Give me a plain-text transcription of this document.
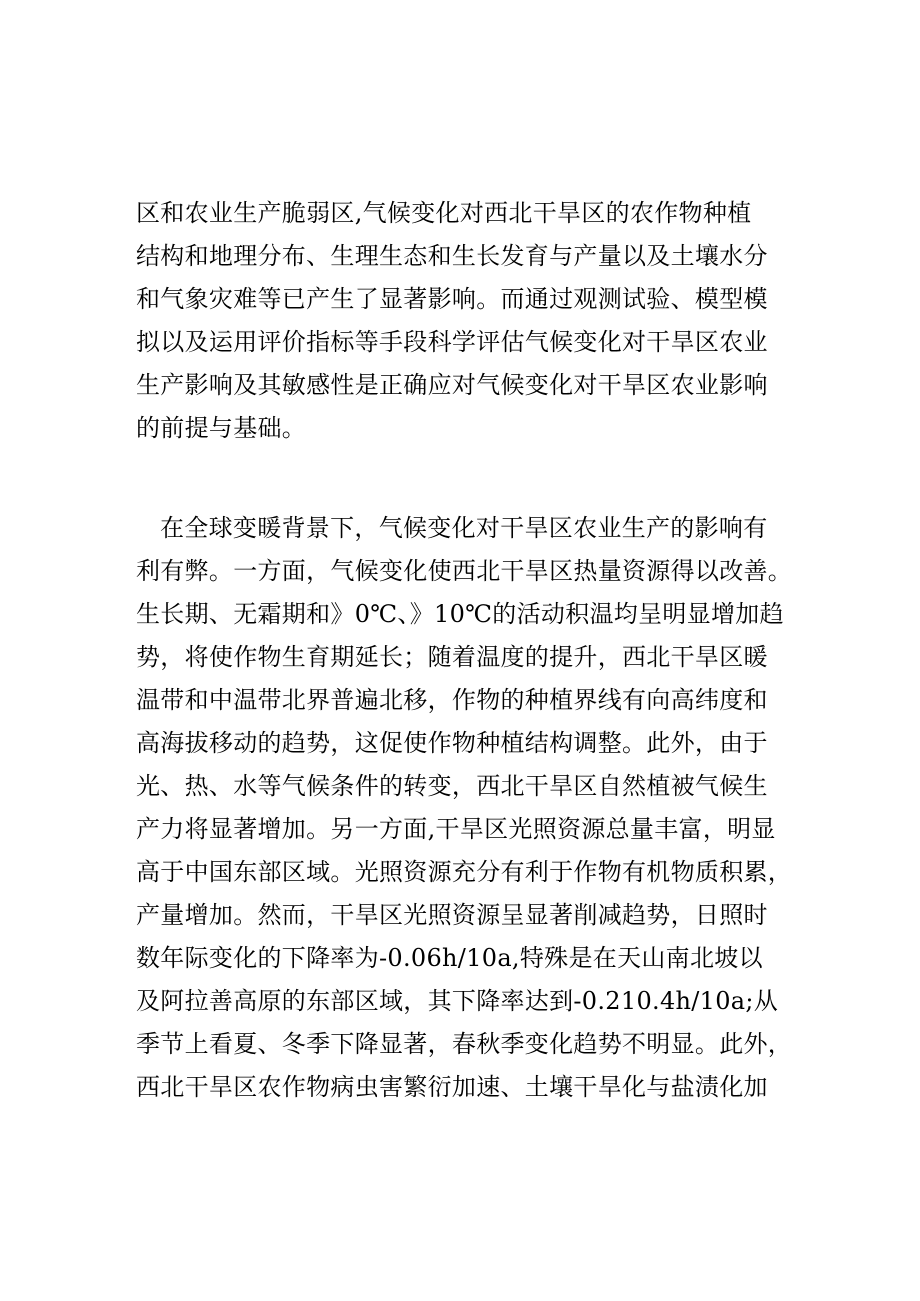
区和农业生产脆弱区,气候变化对西北干旱区的农作物种植
结构和地理分布、生理生态和生长发育与产量以及土壤水分
和气象灾难等已产生了显著影响。而通过观测试验、模型模
拟以及运用评价指标等手段科学评估气候变化对干旱区农业
生产影响及其敏感性是正确应对气候变化对干旱区农业影响
的前提与基础。
在全球变暖背景下，气候变化对干旱区农业生产的影响有
利有弊。一方面，气候变化使西北干旱区热量资源得以改善。
生长期、无霜期和》0℃、》10℃的活动积温均呈明显增加趋
势，将使作物生育期延长；随着温度的提升，西北干旱区暖
温带和中温带北界普遍北移，作物的种植界线有向高纬度和
高海拔移动的趋势，这促使作物种植结构调整。此外，由于
光、热、水等气候条件的转变，西北干旱区自然植被气候生
产力将显著增加。另一方面,干旱区光照资源总量丰富，明显
高于中国东部区域。光照资源充分有利于作物有机物质积累，
产量增加。然而，干旱区光照资源呈显著削减趋势，日照时
数年际变化的下降率为-0.06h/10a,特殊是在天山南北坡以
及阿拉善高原的东部区域，其下降率达到-0.210.4h/10a;从
季节上看夏、冬季下降显著，春秋季变化趋势不明显。此外，
西北干旱区农作物病虫害繁衍加速、土壤干旱化与盐渍化加
